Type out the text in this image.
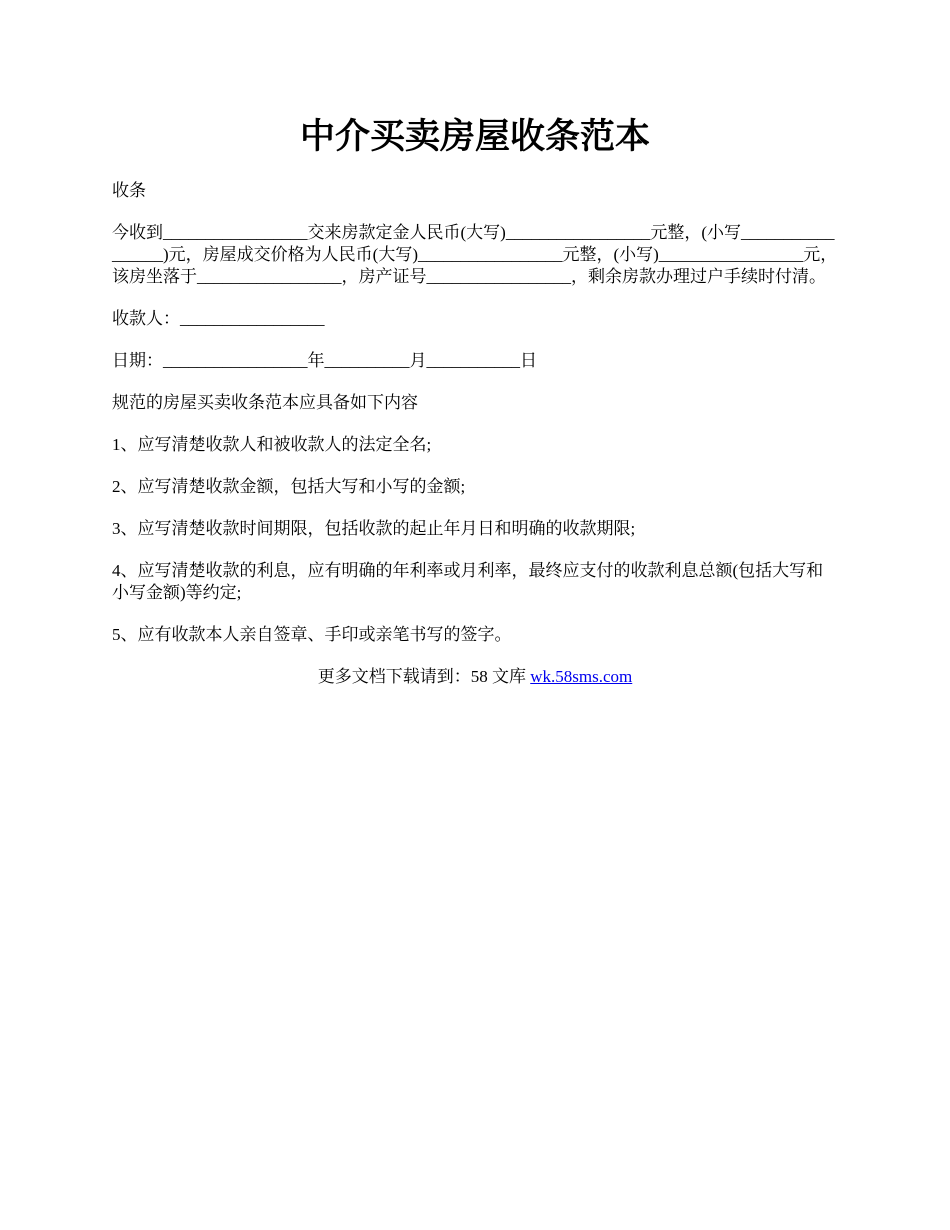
中介买卖房屋收条范本

收条

今收到_________________交来房款定金人民币(大写)_________________元整，(小写_________________)元，房屋成交价格为人民币(大写)_________________元整，(小写)_________________元，该房坐落于_________________，房产证号_________________，剩余房款办理过户手续时付清。

收款人：_________________

日期：_________________年__________月___________日

规范的房屋买卖收条范本应具备如下内容

1、应写清楚收款人和被收款人的法定全名;

2、应写清楚收款金额，包括大写和小写的金额;

3、应写清楚收款时间期限，包括收款的起止年月日和明确的收款期限;

4、应写清楚收款的利息，应有明确的年利率或月利率，最终应支付的收款利息总额(包括大写和小写金额)等约定;

5、应有收款本人亲自签章、手印或亲笔书写的签字。

更多文档下载请到：58 文库 wk.58sms.com
